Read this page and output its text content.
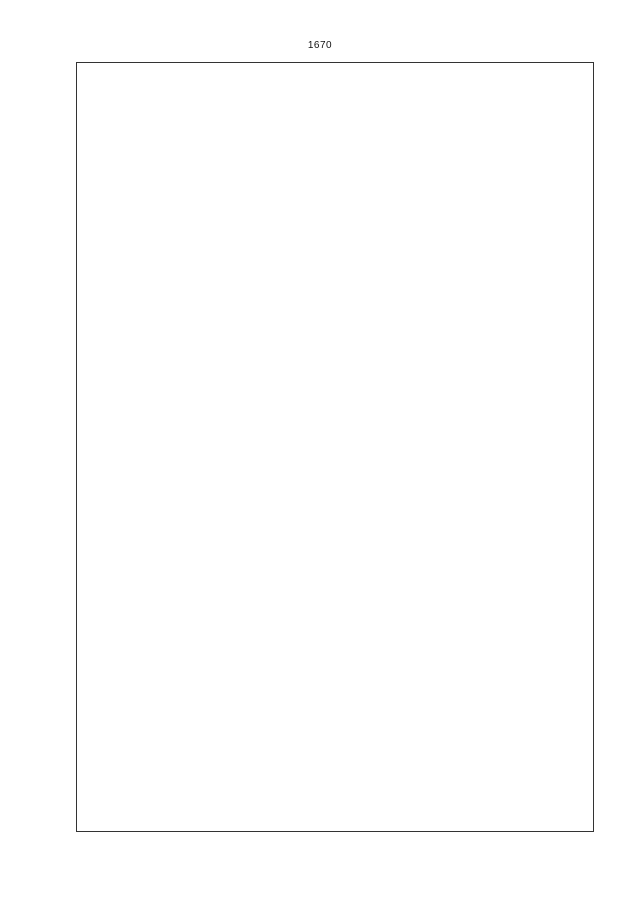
1670
